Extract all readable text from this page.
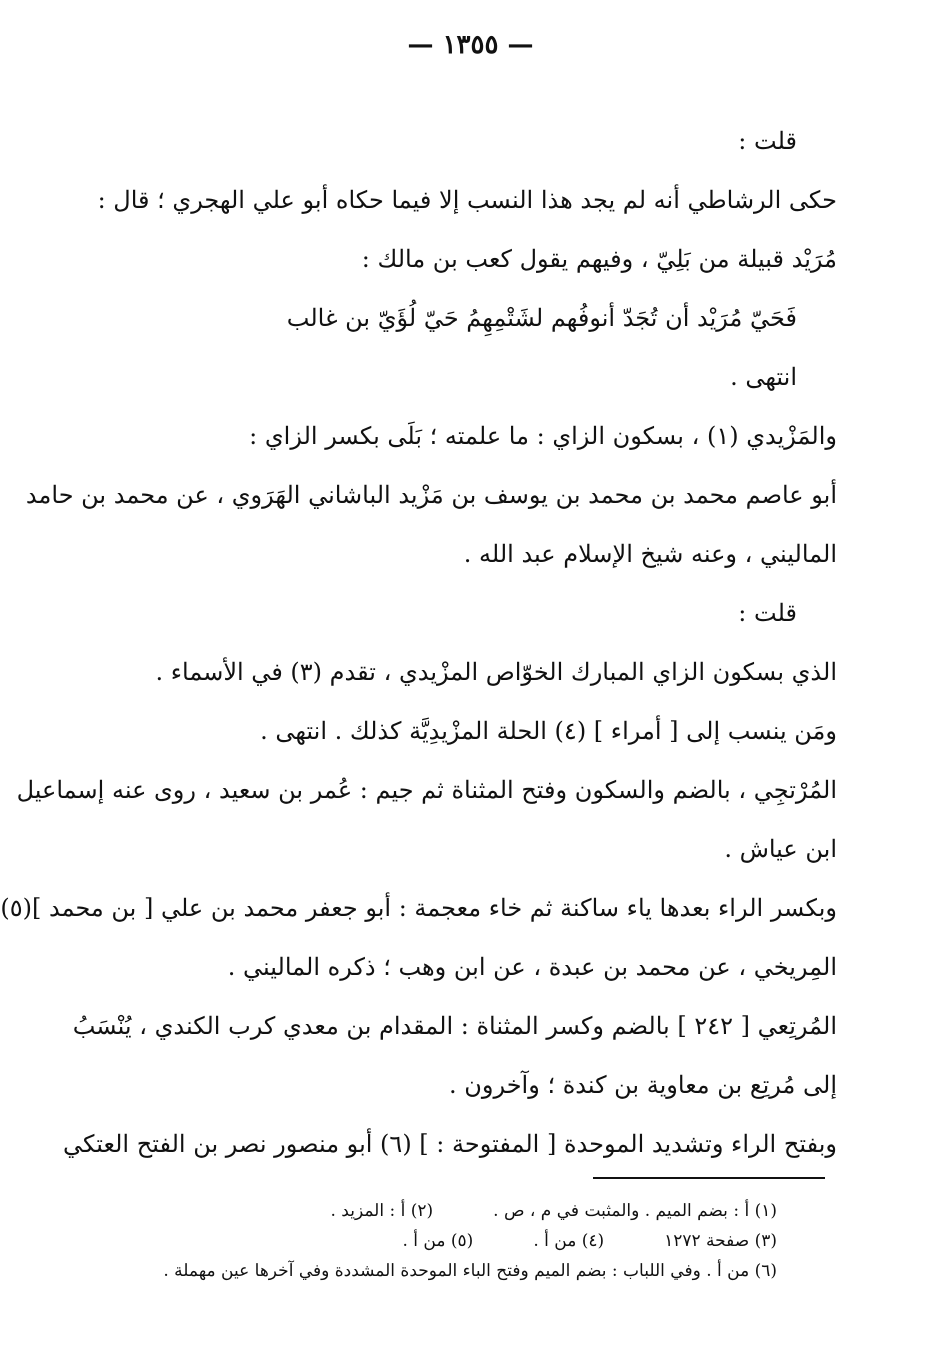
— ١٣٥٥ —

قلت :

حكى الرشاطي أنه لم يجد هذا النسب إلا فيما حكاه أبو علي الهجري ؛ قال :

مُرَيْد قبيلة من بَلِيّ ، وفيهم يقول كعب بن مالك :

فَحَيّ مُرَيْد أن تُجَدّ أنوفُهم لشَتْمِهِمُ حَيّ لُؤَيّ بن غالب

انتهى .

والمَزْيدي (١) ، بسكون الزاي : ما علمته ؛ بَلَى بكسر الزاي :

أبو عاصم محمد بن محمد بن يوسف بن مَزْيد الباشاني الهَرَوي ، عن محمد بن حامد

الماليني ، وعنه شيخ الإسلام عبد الله .

قلت :

الذي بسكون الزاي المبارك الخوّاص المزْيدي ، تقدم (٣) في الأسماء .

ومَن ينسب إلى [ أمراء ] (٤) الحلة المزْيدِيَّة كذلك . انتهى .

المُرْتجِي ، بالضم والسكون وفتح المثناة ثم جيم : عُمر بن سعيد ، روى عنه إسماعيل

ابن عياش .

وبكسر الراء بعدها ياء ساكنة ثم خاء معجمة : أبو جعفر محمد بن علي [ بن محمد ](٥)

المِريخي ، عن محمد بن عبدة ، عن ابن وهب ؛ ذكره الماليني .

المُرتِعي [ ٢٤٢ ] بالضم وكسر المثناة : المقدام بن معدي كرب الكندي ، يُنْسَبُ

إلى مُرتِع بن معاوية بن كندة ؛ وآخرون .

وبفتح الراء وتشديد الموحدة [ المفتوحة : ] (٦) أبو منصور نصر بن الفتح العتكي

(١) أ : بضم الميم . والمثبت في م ، ص .
(٢) أ : المزيد .
(٣) صفحة ١٢٧٢
(٤) من أ .
(٥) من أ .
(٦) من أ . وفي اللباب : بضم الميم وفتح الباء الموحدة المشددة وفي آخرها عين مهملة .
